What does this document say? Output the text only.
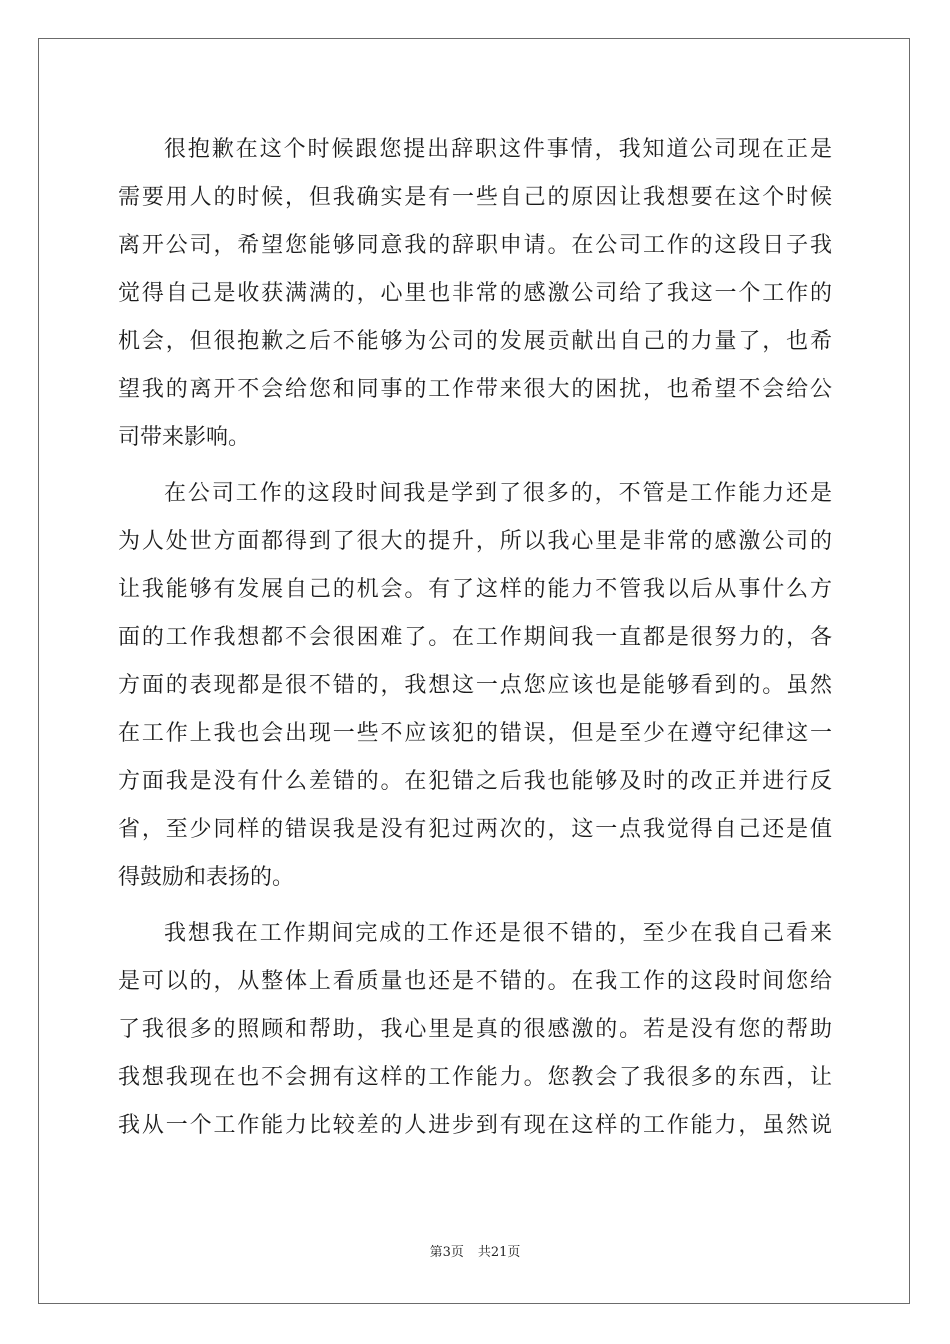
很抱歉在这个时候跟您提出辞职这件事情，我知道公司现在正是
需要用人的时候，但我确实是有一些自己的原因让我想要在这个时候
离开公司，希望您能够同意我的辞职申请。在公司工作的这段日子我
觉得自己是收获满满的，心里也非常的感激公司给了我这一个工作的
机会，但很抱歉之后不能够为公司的发展贡献出自己的力量了，也希
望我的离开不会给您和同事的工作带来很大的困扰，也希望不会给公
司带来影响。
在公司工作的这段时间我是学到了很多的，不管是工作能力还是
为人处世方面都得到了很大的提升，所以我心里是非常的感激公司的
让我能够有发展自己的机会。有了这样的能力不管我以后从事什么方
面的工作我想都不会很困难了。在工作期间我一直都是很努力的，各
方面的表现都是很不错的，我想这一点您应该也是能够看到的。虽然
在工作上我也会出现一些不应该犯的错误，但是至少在遵守纪律这一
方面我是没有什么差错的。在犯错之后我也能够及时的改正并进行反
省，至少同样的错误我是没有犯过两次的，这一点我觉得自己还是值
得鼓励和表扬的。
我想我在工作期间完成的工作还是很不错的，至少在我自己看来
是可以的，从整体上看质量也还是不错的。在我工作的这段时间您给
了我很多的照顾和帮助，我心里是真的很感激的。若是没有您的帮助
我想我现在也不会拥有这样的工作能力。您教会了我很多的东西，让
我从一个工作能力比较差的人进步到有现在这样的工作能力，虽然说
第3页 共21页
